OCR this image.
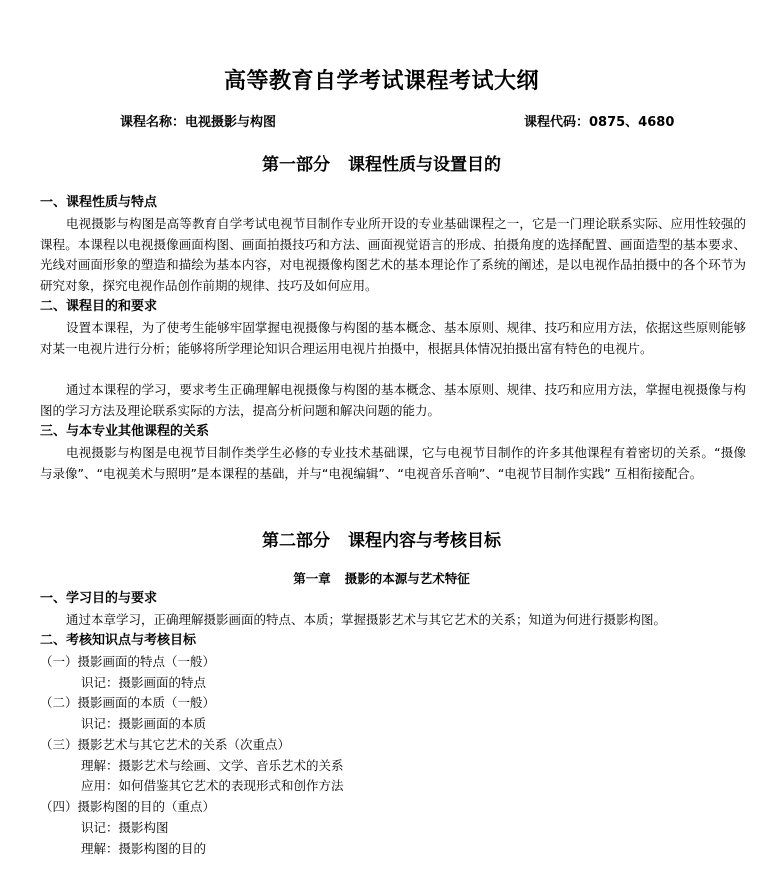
高等教育自学考试课程考试大纲
课程名称：电视摄影与构图	课程代码：0875、4680
第一部分 课程性质与设置目的
一、课程性质与特点
电视摄影与构图是高等教育自学考试电视节目制作专业所开设的专业基础课程之一，它是一门理论联系实际、应用性较强的课程。本课程以电视摄像画面构图、画面拍摄技巧和方法、画面视觉语言的形成、拍摄角度的选择配置、画面造型的基本要求、光线对画面形象的塑造和描绘为基本内容，对电视摄像构图艺术的基本理论作了系统的阐述，是以电视作品拍摄中的各个环节为研究对象，探究电视作品创作前期的规律、技巧及如何应用。
二、课程目的和要求
设置本课程，为了使考生能够牢固掌握电视摄像与构图的基本概念、基本原则、规律、技巧和应用方法，依据这些原则能够对某一电视片进行分析；能够将所学理论知识合理运用电视片拍摄中，根据具体情况拍摄出富有特色的电视片。
通过本课程的学习，要求考生正确理解电视摄像与构图的基本概念、基本原则、规律、技巧和应用方法，掌握电视摄像与构图的学习方法及理论联系实际的方法，提高分析问题和解决问题的能力。
三、与本专业其他课程的关系
电视摄影与构图是电视节目制作类学生必修的专业技术基础课，它与电视节目制作的许多其他课程有着密切的关系。“摄像与录像”、“电视美术与照明”是本课程的基础，并与“电视编辑”、“电视音乐音响”、“电视节目制作实践” 互相衔接配合。
第二部分 课程内容与考核目标
第一章 摄影的本源与艺术特征
一、学习目的与要求
通过本章学习，正确理解摄影画面的特点、本质；掌握摄影艺术与其它艺术的关系；知道为何进行摄影构图。
二、考核知识点与考核目标
（一）摄影画面的特点（一般）
识记：摄影画面的特点
（二）摄影画面的本质（一般）
识记：摄影画面的本质
（三）摄影艺术与其它艺术的关系（次重点）
理解：摄影艺术与绘画、文学、音乐艺术的关系
应用：如何借鉴其它艺术的表现形式和创作方法
（四）摄影构图的目的（重点）
识记：摄影构图
理解：摄影构图的目的
